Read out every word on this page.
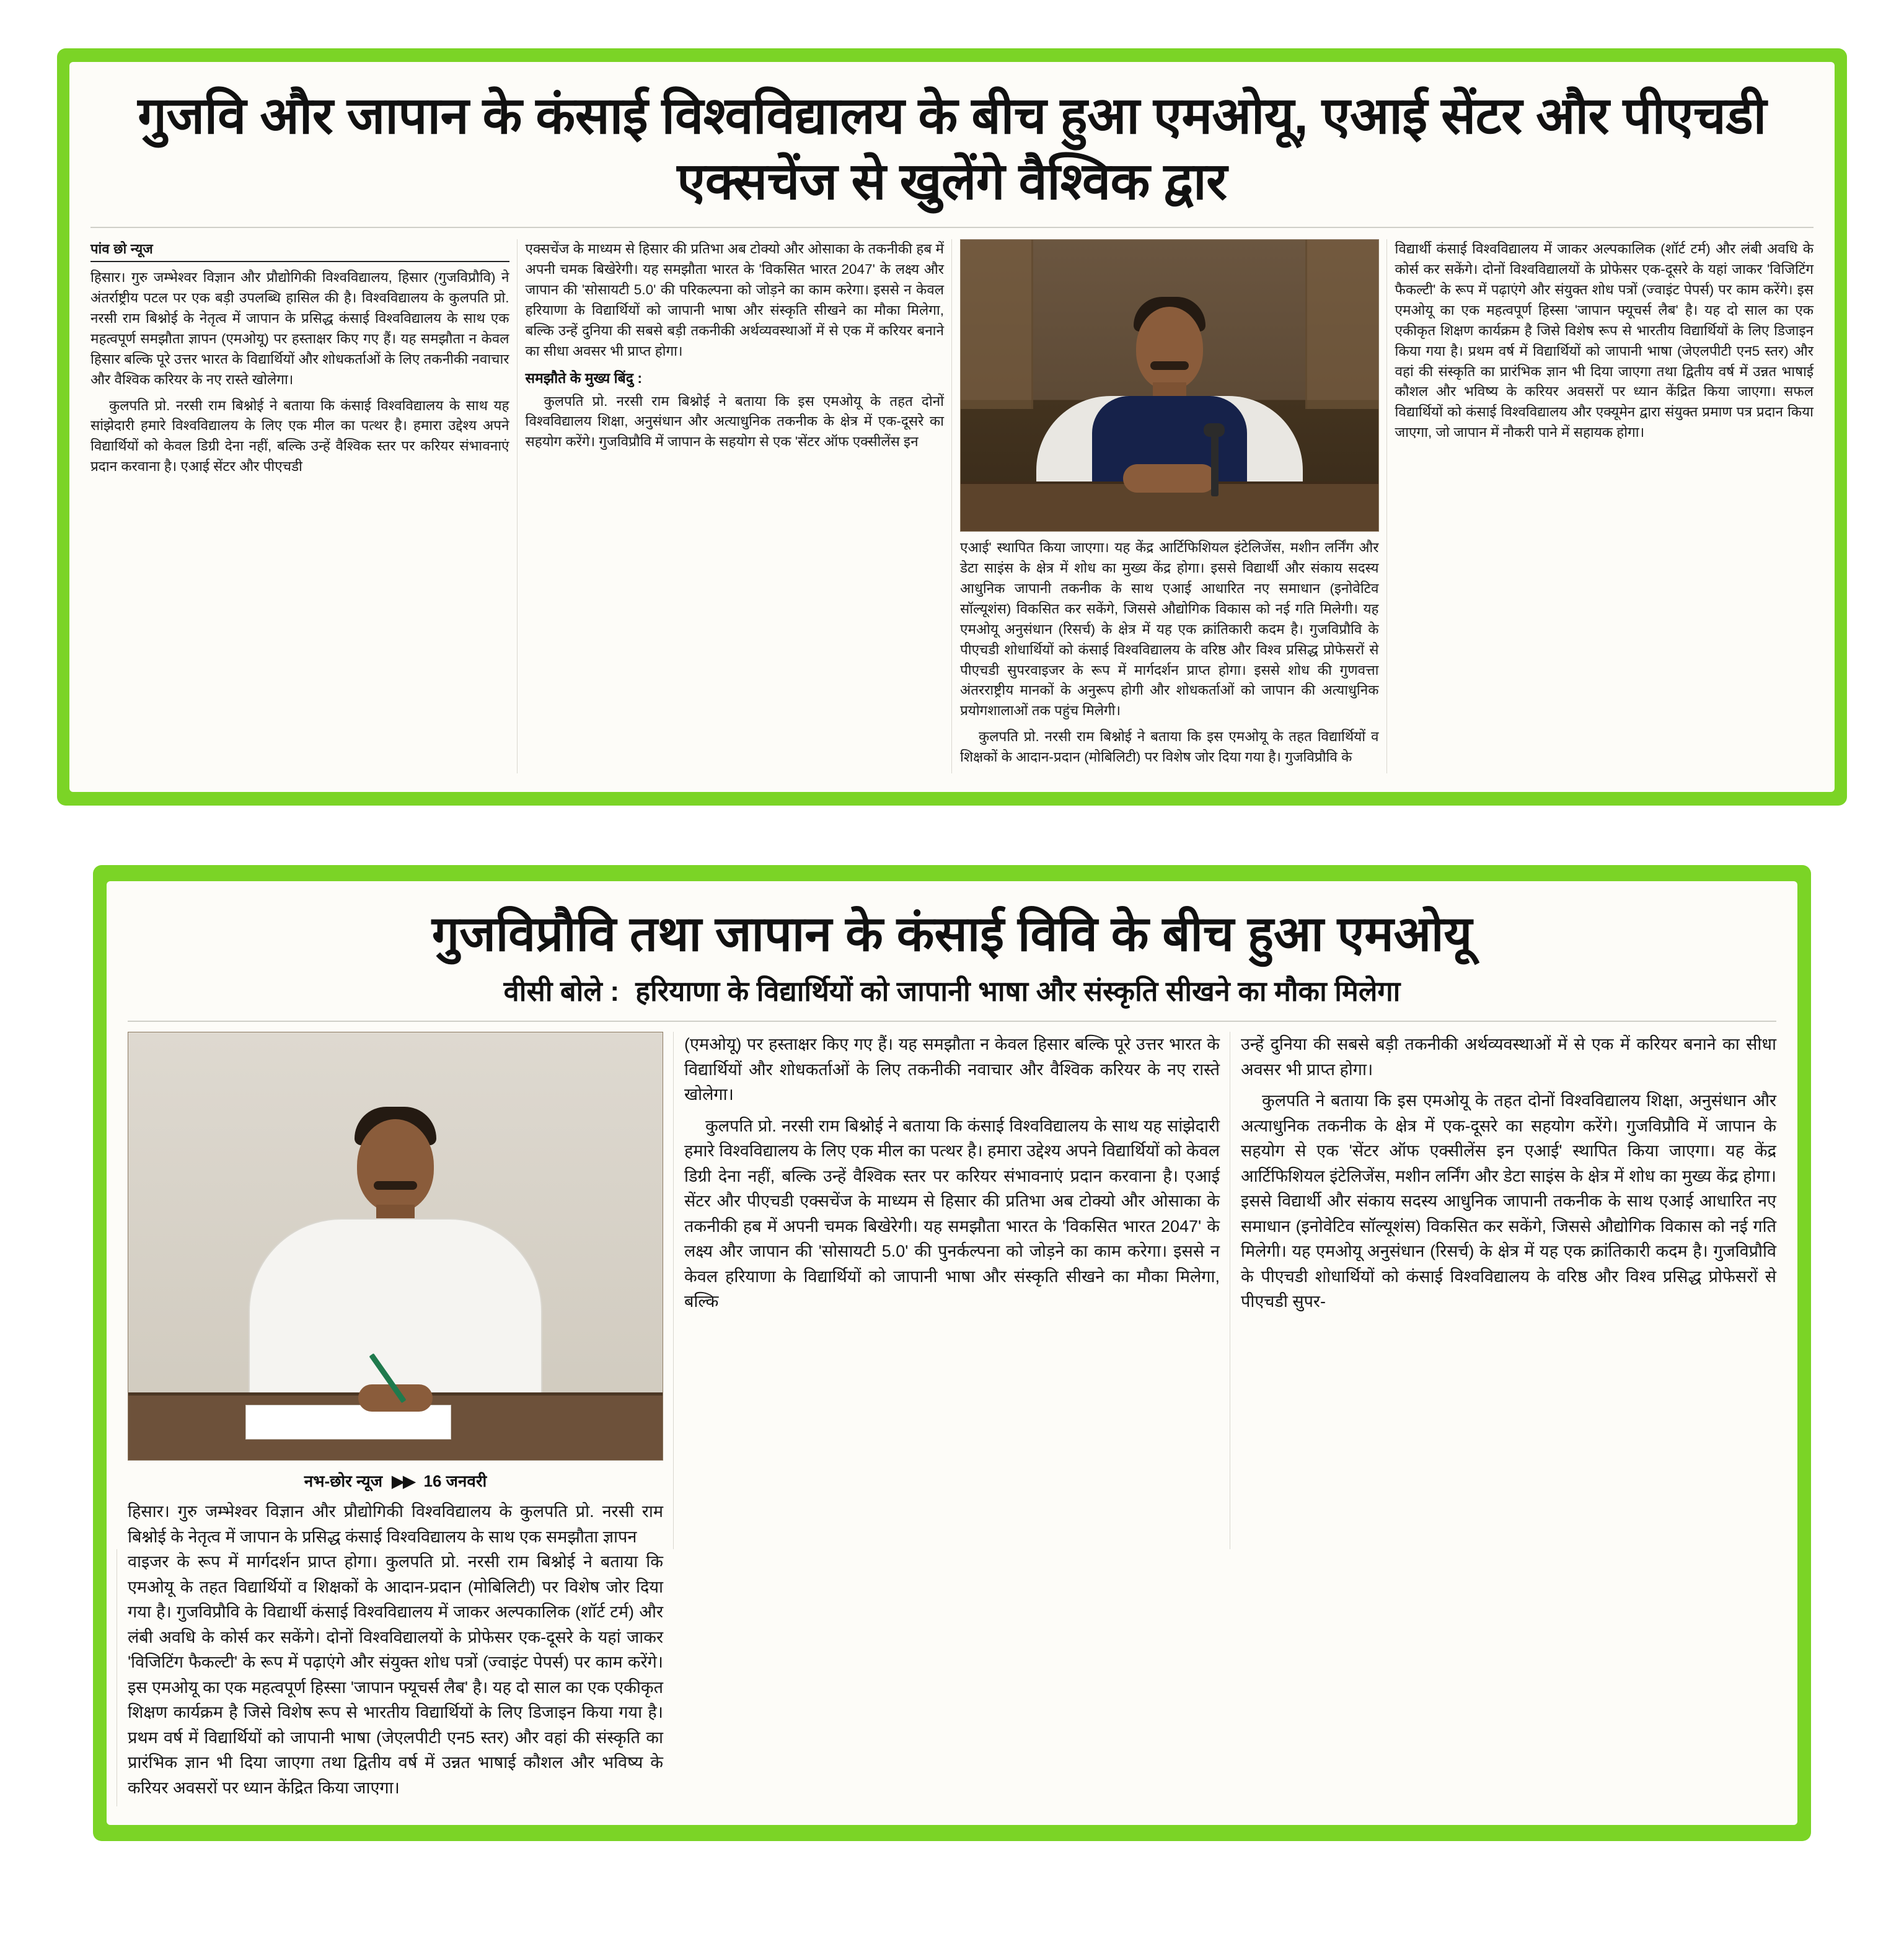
गुजवि और जापान के कंसाई विश्वविद्यालय के बीच हुआ एमओयू, एआई सेंटर और पीएचडी एक्सचेंज से खुलेंगे वैश्विक द्वार
पांव छो न्यूज

हिसार। गुरु जम्भेश्वर विज्ञान और प्रौद्योगिकी विश्वविद्यालय, हिसार (गुजविप्रौवि) ने अंतर्राष्ट्रीय पटल पर एक बड़ी उपलब्धि हासिल की है। विश्वविद्यालय के कुलपति प्रो. नरसी राम बिश्नोई के नेतृत्व में जापान के प्रसिद्ध कंसाई विश्वविद्यालय के साथ एक महत्वपूर्ण समझौता ज्ञापन (एमओयू) पर हस्ताक्षर किए गए हैं। यह समझौता न केवल हिसार बल्कि पूरे उत्तर भारत के विद्यार्थियों और शोधकर्ताओं के लिए तकनीकी नवाचार और वैश्विक करियर के नए रास्ते खोलेगा।

कुलपति प्रो. नरसी राम बिश्नोई ने बताया कि कंसाई विश्वविद्यालय के साथ यह सांझेदारी हमारे विश्वविद्यालय के लिए एक मील का पत्थर है। हमारा उद्देश्य अपने विद्यार्थियों को केवल डिग्री देना नहीं, बल्कि उन्हें वैश्विक स्तर पर करियर संभावनाएं प्रदान करवाना है। एआई सेंटर और पीएचडी

एक्सचेंज के माध्यम से हिसार की प्रतिभा अब टोक्यो और ओसाका के तकनीकी हब में अपनी चमक बिखेरेगी। यह समझौता भारत के 'विकसित भारत 2047' के लक्ष्य और जापान की 'सोसायटी 5.0' की परिकल्पना को जोड़ने का काम करेगा। इससे न केवल हरियाणा के विद्यार्थियों को जापानी भाषा और संस्कृति सीखने का मौका मिलेगा, बल्कि उन्हें दुनिया की सबसे बड़ी तकनीकी अर्थव्यवस्थाओं में से एक में करियर बनाने का सीधा अवसर भी प्राप्त होगा।

समझौते के मुख्य बिंदु :

कुलपति प्रो. नरसी राम बिश्नोई ने बताया कि इस एमओयू के तहत दोनों विश्वविद्यालय शिक्षा, अनुसंधान और अत्याधुनिक तकनीक के क्षेत्र में एक-दूसरे का सहयोग करेंगे। गुजविप्रौवि में जापान के सहयोग से एक 'सेंटर ऑफ एक्सीलेंस इन

एआई' स्थापित किया जाएगा। यह केंद्र आर्टिफिशियल इंटेलिजेंस, मशीन लर्निंग और डेटा साइंस के क्षेत्र में शोध का मुख्य केंद्र होगा। इससे विद्यार्थी और संकाय सदस्य आधुनिक जापानी तकनीक के साथ एआई आधारित नए समाधान (इनोवेटिव सॉल्यूशंस) विकसित कर सकेंगे, जिससे औद्योगिक विकास को नई गति मिलेगी। यह एमओयू अनुसंधान (रिसर्च) के क्षेत्र में यह एक क्रांतिकारी कदम है। गुजविप्रौवि के पीएचडी शोधार्थियों को कंसाई विश्वविद्यालय के वरिष्ठ और विश्व प्रसिद्ध प्रोफेसरों से पीएचडी सुपरवाइजर के रूप में मार्गदर्शन प्राप्त होगा। इससे शोध की गुणवत्ता अंतरराष्ट्रीय मानकों के अनुरूप होगी और शोधकर्ताओं को जापान की अत्याधुनिक प्रयोगशालाओं तक पहुंच मिलेगी।

कुलपति प्रो. नरसी राम बिश्नोई ने बताया कि इस एमओयू के तहत विद्यार्थियों व शिक्षकों के आदान-प्रदान (मोबिलिटी) पर विशेष जोर दिया गया है। गुजविप्रौवि के

विद्यार्थी कंसाई विश्वविद्यालय में जाकर अल्पकालिक (शॉर्ट टर्म) और लंबी अवधि के कोर्स कर सकेंगे। दोनों विश्वविद्यालयों के प्रोफेसर एक-दूसरे के यहां जाकर 'विजिटिंग फैकल्टी' के रूप में पढ़ाएंगे और संयुक्त शोध पत्रों (ज्वाइंट पेपर्स) पर काम करेंगे। इस एमओयू का एक महत्वपूर्ण हिस्सा 'जापान फ्यूचर्स लैब' है। यह दो साल का एक एकीकृत शिक्षण कार्यक्रम है जिसे विशेष रूप से भारतीय विद्यार्थियों के लिए डिजाइन किया गया है। प्रथम वर्ष में विद्यार्थियों को जापानी भाषा (जेएलपीटी एन5 स्तर) और वहां की संस्कृति का प्रारंभिक ज्ञान भी दिया जाएगा तथा द्वितीय वर्ष में उन्नत भाषाई कौशल और भविष्य के करियर अवसरों पर ध्यान केंद्रित किया जाएगा। सफल विद्यार्थियों को कंसाई विश्वविद्यालय और एक्यूमेन द्वारा संयुक्त प्रमाण पत्र प्रदान किया जाएगा, जो जापान में नौकरी पाने में सहायक होगा।

गुजविप्रौवि तथा जापान के कंसाई विवि के बीच हुआ एमओयू
वीसी बोले : हरियाणा के विद्यार्थियों को जापानी भाषा और संस्कृति सीखने का मौका मिलेगा
नभ-छोर न्यूज ▶▶ 16 जनवरी

हिसार। गुरु जम्भेश्वर विज्ञान और प्रौद्योगिकी विश्वविद्यालय के कुलपति प्रो. नरसी राम बिश्नोई के नेतृत्व में जापान के प्रसिद्ध कंसाई विश्वविद्यालय के साथ एक समझौता ज्ञापन

(एमओयू) पर हस्ताक्षर किए गए हैं। यह समझौता न केवल हिसार बल्कि पूरे उत्तर भारत के विद्यार्थियों और शोधकर्ताओं के लिए तकनीकी नवाचार और वैश्विक करियर के नए रास्ते खोलेगा।

कुलपति प्रो. नरसी राम बिश्नोई ने बताया कि कंसाई विश्वविद्यालय के साथ यह सांझेदारी हमारे विश्वविद्यालय के लिए एक मील का पत्थर है। हमारा उद्देश्य अपने विद्यार्थियों को केवल डिग्री देना नहीं, बल्कि उन्हें वैश्विक स्तर पर करियर संभावनाएं प्रदान करवाना है। एआई सेंटर और पीएचडी एक्सचेंज के माध्यम से हिसार की प्रतिभा अब टोक्यो और ओसाका के तकनीकी हब में अपनी चमक बिखेरेगी। यह समझौता भारत के 'विकसित भारत 2047' के लक्ष्य और जापान की 'सोसायटी 5.0' की पुनर्कल्पना को जोड़ने का काम करेगा। इससे न केवल हरियाणा के विद्यार्थियों को जापानी भाषा और संस्कृति सीखने का मौका मिलेगा, बल्कि

उन्हें दुनिया की सबसे बड़ी तकनीकी अर्थव्यवस्थाओं में से एक में करियर बनाने का सीधा अवसर भी प्राप्त होगा।

कुलपति ने बताया कि इस एमओयू के तहत दोनों विश्वविद्यालय शिक्षा, अनुसंधान और अत्याधुनिक तकनीक के क्षेत्र में एक-दूसरे का सहयोग करेंगे। गुजविप्रौवि में जापान के सहयोग से एक 'सेंटर ऑफ एक्सीलेंस इन एआई' स्थापित किया जाएगा। यह केंद्र आर्टिफिशियल इंटेलिजेंस, मशीन लर्निंग और डेटा साइंस के क्षेत्र में शोध का मुख्य केंद्र होगा। इससे विद्यार्थी और संकाय सदस्य आधुनिक जापानी तकनीक के साथ एआई आधारित नए समाधान (इनोवेटिव सॉल्यूशंस) विकसित कर सकेंगे, जिससे औद्योगिक विकास को नई गति मिलेगी। यह एमओयू अनुसंधान (रिसर्च) के क्षेत्र में यह एक क्रांतिकारी कदम है। गुजविप्रौवि के पीएचडी शोधार्थियों को कंसाई विश्वविद्यालय के वरिष्ठ और विश्व प्रसिद्ध प्रोफेसरों से पीएचडी सुपर-

वाइजर के रूप में मार्गदर्शन प्राप्त होगा। कुलपति प्रो. नरसी राम बिश्नोई ने बताया कि एमओयू के तहत विद्यार्थियों व शिक्षकों के आदान-प्रदान (मोबिलिटी) पर विशेष जोर दिया गया है। गुजविप्रौवि के विद्यार्थी कंसाई विश्वविद्यालय में जाकर अल्पकालिक (शॉर्ट टर्म) और लंबी अवधि के कोर्स कर सकेंगे। दोनों विश्वविद्यालयों के प्रोफेसर एक-दूसरे के यहां जाकर 'विजिटिंग फैकल्टी' के रूप में पढ़ाएंगे और संयुक्त शोध पत्रों (ज्वाइंट पेपर्स) पर काम करेंगे। इस एमओयू का एक महत्वपूर्ण हिस्सा 'जापान फ्यूचर्स लैब' है। यह दो साल का एक एकीकृत शिक्षण कार्यक्रम है जिसे विशेष रूप से भारतीय विद्यार्थियों के लिए डिजाइन किया गया है। प्रथम वर्ष में विद्यार्थियों को जापानी भाषा (जेएलपीटी एन5 स्तर) और वहां की संस्कृति का प्रारंभिक ज्ञान भी दिया जाएगा तथा द्वितीय वर्ष में उन्नत भाषाई कौशल और भविष्य के करियर अवसरों पर ध्यान केंद्रित किया जाएगा।
